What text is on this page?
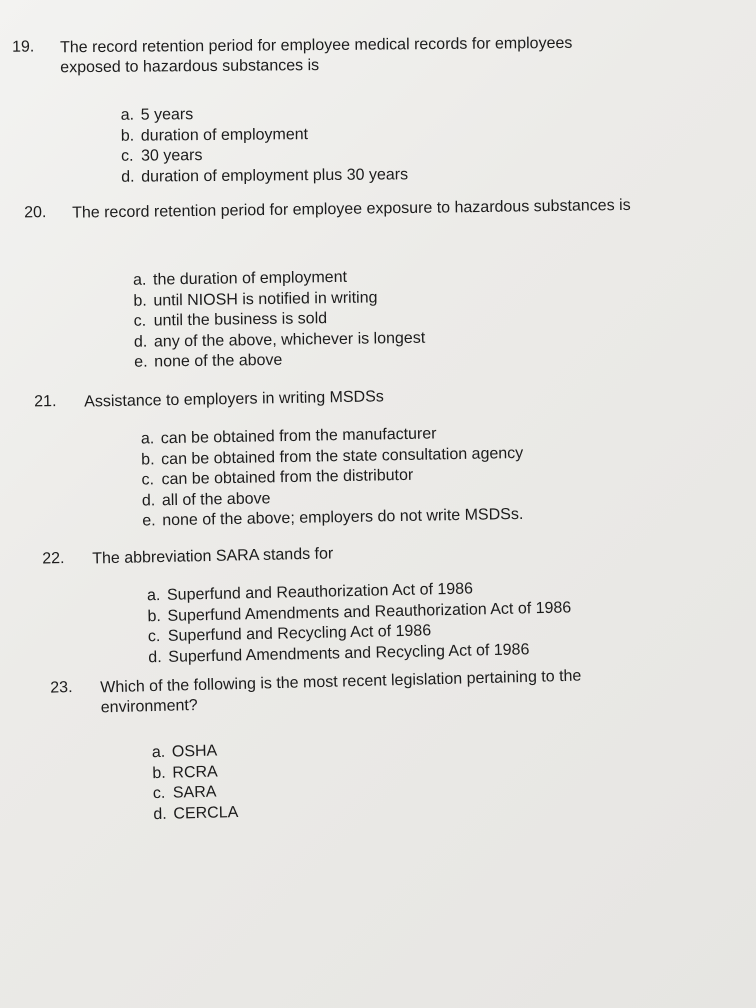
19. The record retention period for employee medical records for employees exposed to hazardous substances is
a. 5 years
b. duration of employment
c. 30 years
d. duration of employment plus 30 years
20. The record retention period for employee exposure to hazardous substances is
a. the duration of employment
b. until NIOSH is notified in writing
c. until the business is sold
d. any of the above, whichever is longest
e. none of the above
21. Assistance to employers in writing MSDSs
a. can be obtained from the manufacturer
b. can be obtained from the state consultation agency
c. can be obtained from the distributor
d. all of the above
e. none of the above; employers do not write MSDSs.
22. The abbreviation SARA stands for
a. Superfund and Reauthorization Act of 1986
b. Superfund Amendments and Reauthorization Act of 1986
c. Superfund and Recycling Act of 1986
d. Superfund Amendments and Recycling Act of 1986
23. Which of the following is the most recent legislation pertaining to the environment?
a. OSHA
b. RCRA
c. SARA
d. CERCLA
